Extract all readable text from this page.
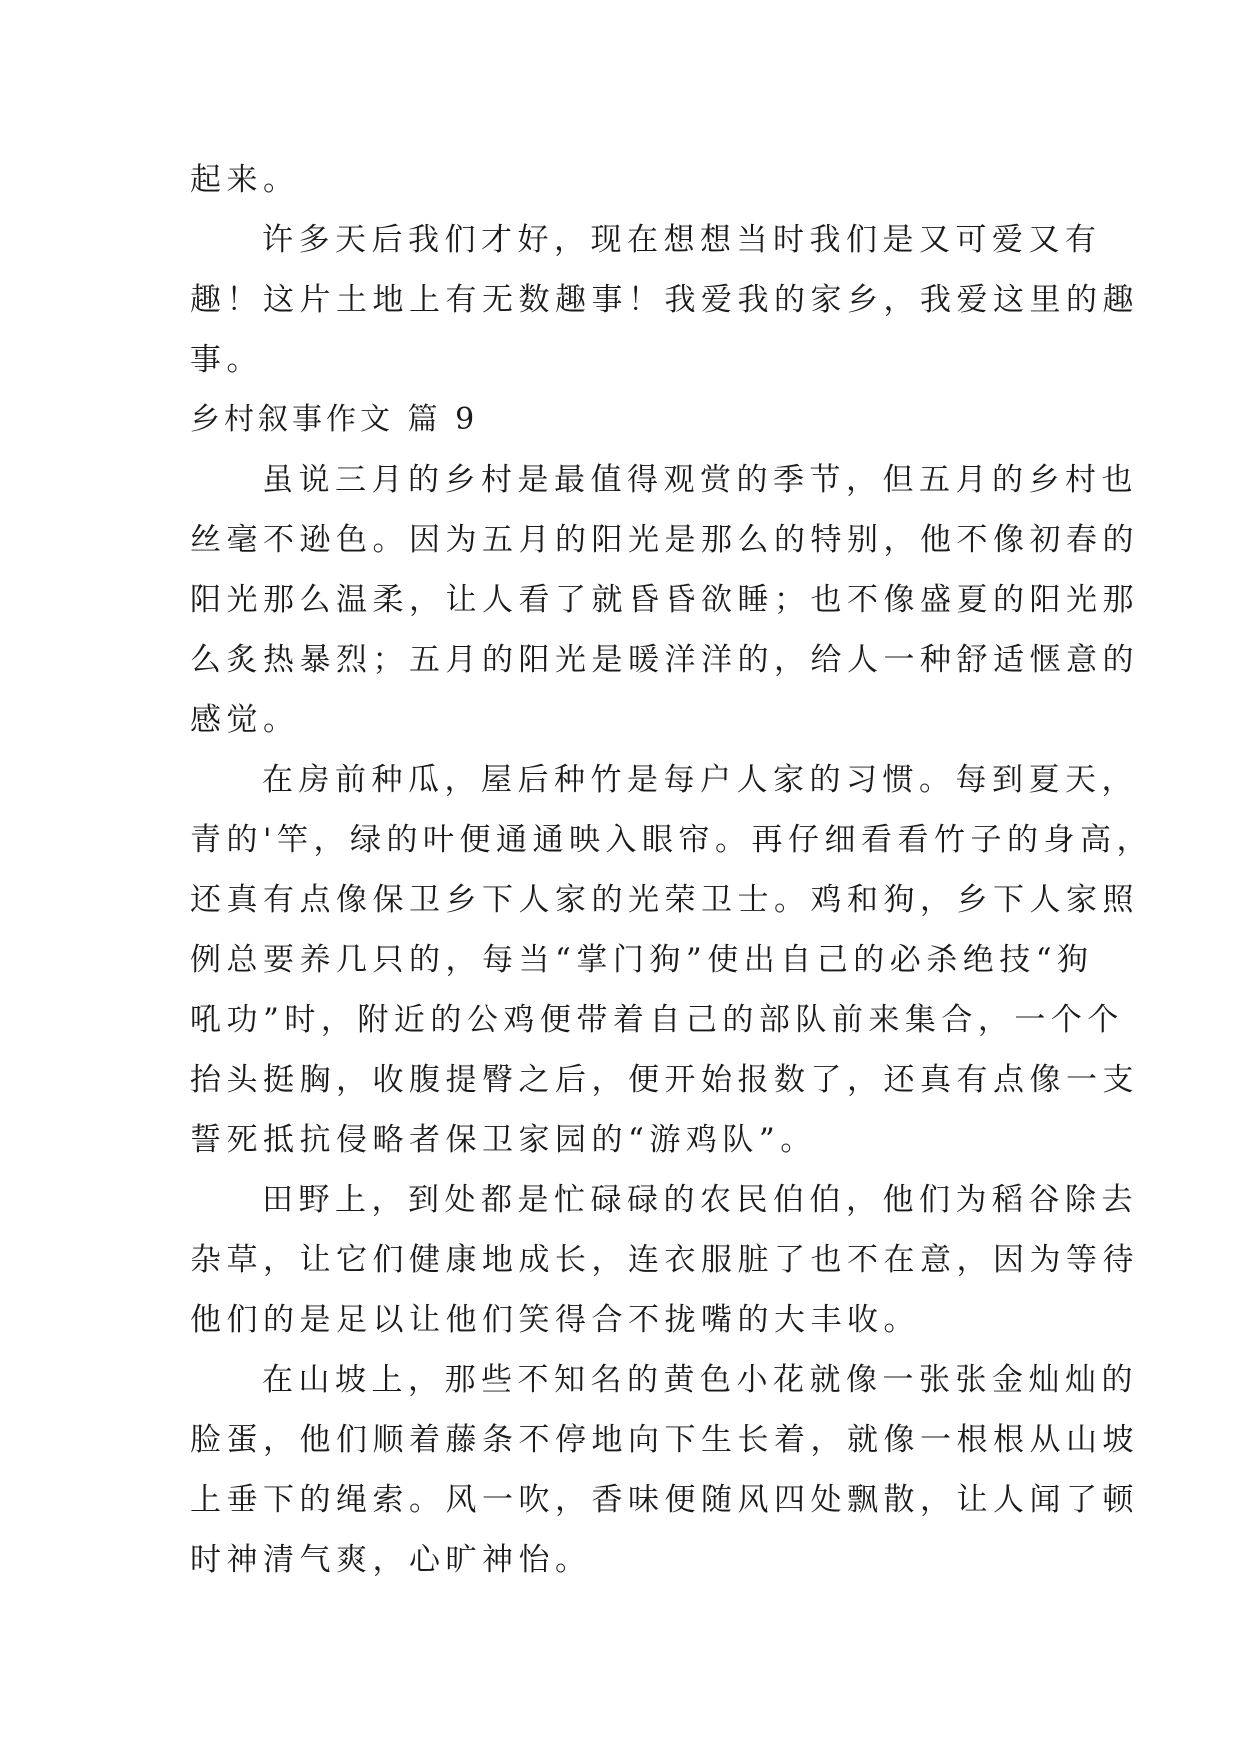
起来。
许多天后我们才好，现在想想当时我们是又可爱又有
趣！这片土地上有无数趣事！我爱我的家乡，我爱这里的趣
事。
乡村叙事作文 篇 9
虽说三月的乡村是最值得观赏的季节，但五月的乡村也
丝毫不逊色。因为五月的阳光是那么的特别，他不像初春的
阳光那么温柔，让人看了就昏昏欲睡；也不像盛夏的阳光那
么炙热暴烈；五月的阳光是暖洋洋的，给人一种舒适惬意的
感觉。
在房前种瓜，屋后种竹是每户人家的习惯。每到夏天，
青的'竿，绿的叶便通通映入眼帘。再仔细看看竹子的身高，
还真有点像保卫乡下人家的光荣卫士。鸡和狗，乡下人家照
例总要养几只的，每当“掌门狗”使出自己的必杀绝技“狗
吼功”时，附近的公鸡便带着自己的部队前来集合，一个个
抬头挺胸，收腹提臀之后，便开始报数了，还真有点像一支
誓死抵抗侵略者保卫家园的“游鸡队”。
田野上，到处都是忙碌碌的农民伯伯，他们为稻谷除去
杂草，让它们健康地成长，连衣服脏了也不在意，因为等待
他们的是足以让他们笑得合不拢嘴的大丰收。
在山坡上，那些不知名的黄色小花就像一张张金灿灿的
脸蛋，他们顺着藤条不停地向下生长着，就像一根根从山坡
上垂下的绳索。风一吹，香味便随风四处飘散，让人闻了顿
时神清气爽，心旷神怡。
